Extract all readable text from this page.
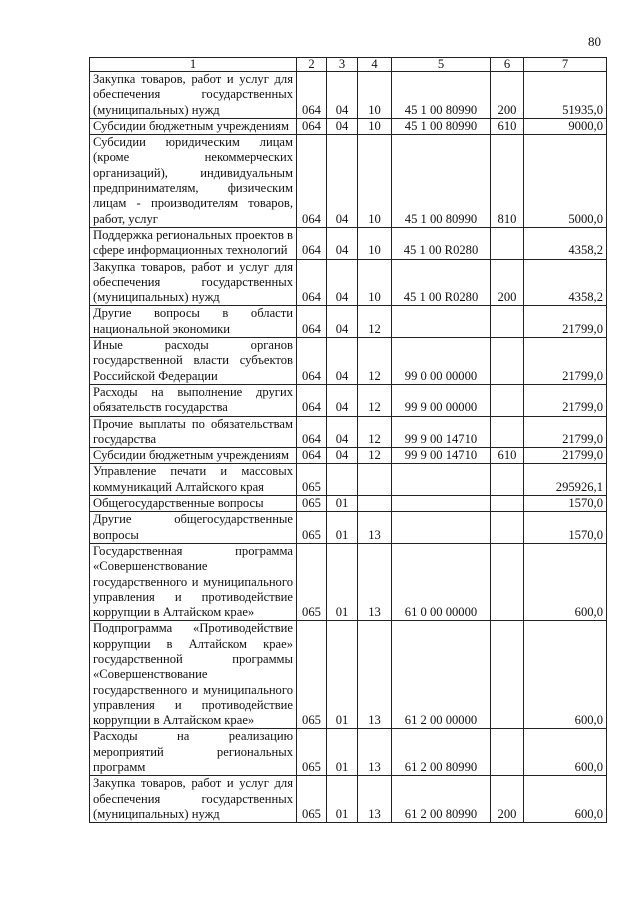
80
1	2	3	4	5	6	7
Закупка товаров, работ и услуг для обеспечения государственных (муниципальных) нужд	064	04	10	45 1 00 80990	200	51935,0
Субсидии бюджетным учреждениям	064	04	10	45 1 00 80990	610	9000,0
Субсидии юридическим лицам (кроме некоммерческих организаций), индивидуальным предпринимателям, физическим лицам - производителям товаров, работ, услуг	064	04	10	45 1 00 80990	810	5000,0
Поддержка региональных проектов в сфере информационных технологий	064	04	10	45 1 00 R0280		4358,2
Закупка товаров, работ и услуг для обеспечения государственных (муниципальных) нужд	064	04	10	45 1 00 R0280	200	4358,2
Другие вопросы в области национальной экономики	064	04	12			21799,0
Иные расходы органов государственной власти субъектов Российской Федерации	064	04	12	99 0 00 00000		21799,0
Расходы на выполнение других обязательств государства	064	04	12	99 9 00 00000		21799,0
Прочие выплаты по обязательствам государства	064	04	12	99 9 00 14710		21799,0
Субсидии бюджетным учреждениям	064	04	12	99 9 00 14710	610	21799,0
Управление печати и массовых коммуникаций Алтайского края	065					295926,1
Общегосударственные вопросы	065	01				1570,0
Другие общегосударственные вопросы	065	01	13			1570,0
Государственная программа «Совершенствование государственного и муниципального управления и противодействие коррупции в Алтайском крае»	065	01	13	61 0 00 00000		600,0
Подпрограмма «Противодействие коррупции в Алтайском крае» государственной программы «Совершенствование государственного и муниципального управления и противодействие коррупции в Алтайском крае»	065	01	13	61 2 00 00000		600,0
Расходы на реализацию мероприятий региональных программ	065	01	13	61 2 00 80990		600,0
Закупка товаров, работ и услуг для обеспечения государственных (муниципальных) нужд	065	01	13	61 2 00 80990	200	600,0
